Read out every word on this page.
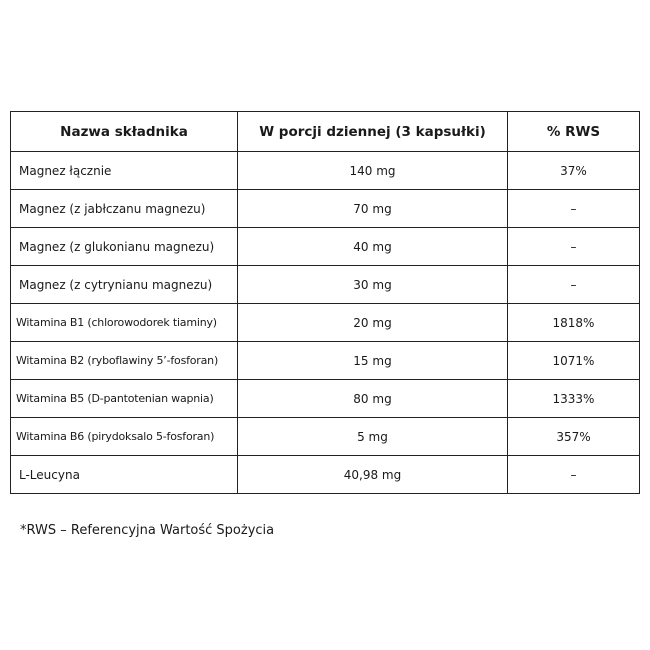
Nazwa składnika	W porcji dziennej (3 kapsułki)	% RWS
Magnez łącznie	140 mg	37%
Magnez (z jabłczanu magnezu)	70 mg	–
Magnez (z glukonianu magnezu)	40 mg	–
Magnez (z cytrynianu magnezu)	30 mg	–
Witamina B1 (chlorowodorek tiaminy)	20 mg	1818%
Witamina B2 (ryboflawiny 5’-fosforan)	15 mg	1071%
Witamina B5 (D-pantotenian wapnia)	80 mg	1333%
Witamina B6 (pirydoksalo 5-fosforan)	5 mg	357%
L-Leucyna	40,98 mg	–
*RWS – Referencyjna Wartość Spożycia
